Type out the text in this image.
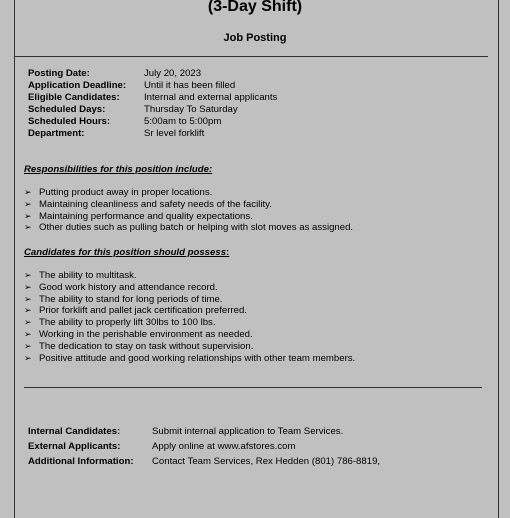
(3-Day Shift)
Job Posting
Posting Date:	July 20, 2023
Application Deadline:	Until it has been filled
Eligible Candidates:	Internal and external applicants
Scheduled Days:	Thursday To Saturday
Scheduled Hours:	5:00am to 5:00pm
Department:	Sr level forklift
Responsibilities for this position include:
➢ Putting product away in proper locations.
➢ Maintaining cleanliness and safety needs of the facility.
➢ Maintaining performance and quality expectations.
➢ Other duties such as pulling batch or helping with slot moves as assigned.
Candidates for this position should possess:
➢ The ability to multitask.
➢ Good work history and attendance record.
➢ The ability to stand for long periods of time.
➢ Prior forklift and pallet jack certification preferred.
➢ The ability to properly lift 30lbs to 100 lbs.
➢ Working in the perishable environment as needed.
➢ The dedication to stay on task without supervision.
➢ Positive attitude and good working relationships with other team members.
Internal Candidates:	Submit internal application to Team Services.
External Applicants:	Apply online at www.afstores.com
Additional Information:	Contact Team Services, Rex Hedden (801) 786-8819,
